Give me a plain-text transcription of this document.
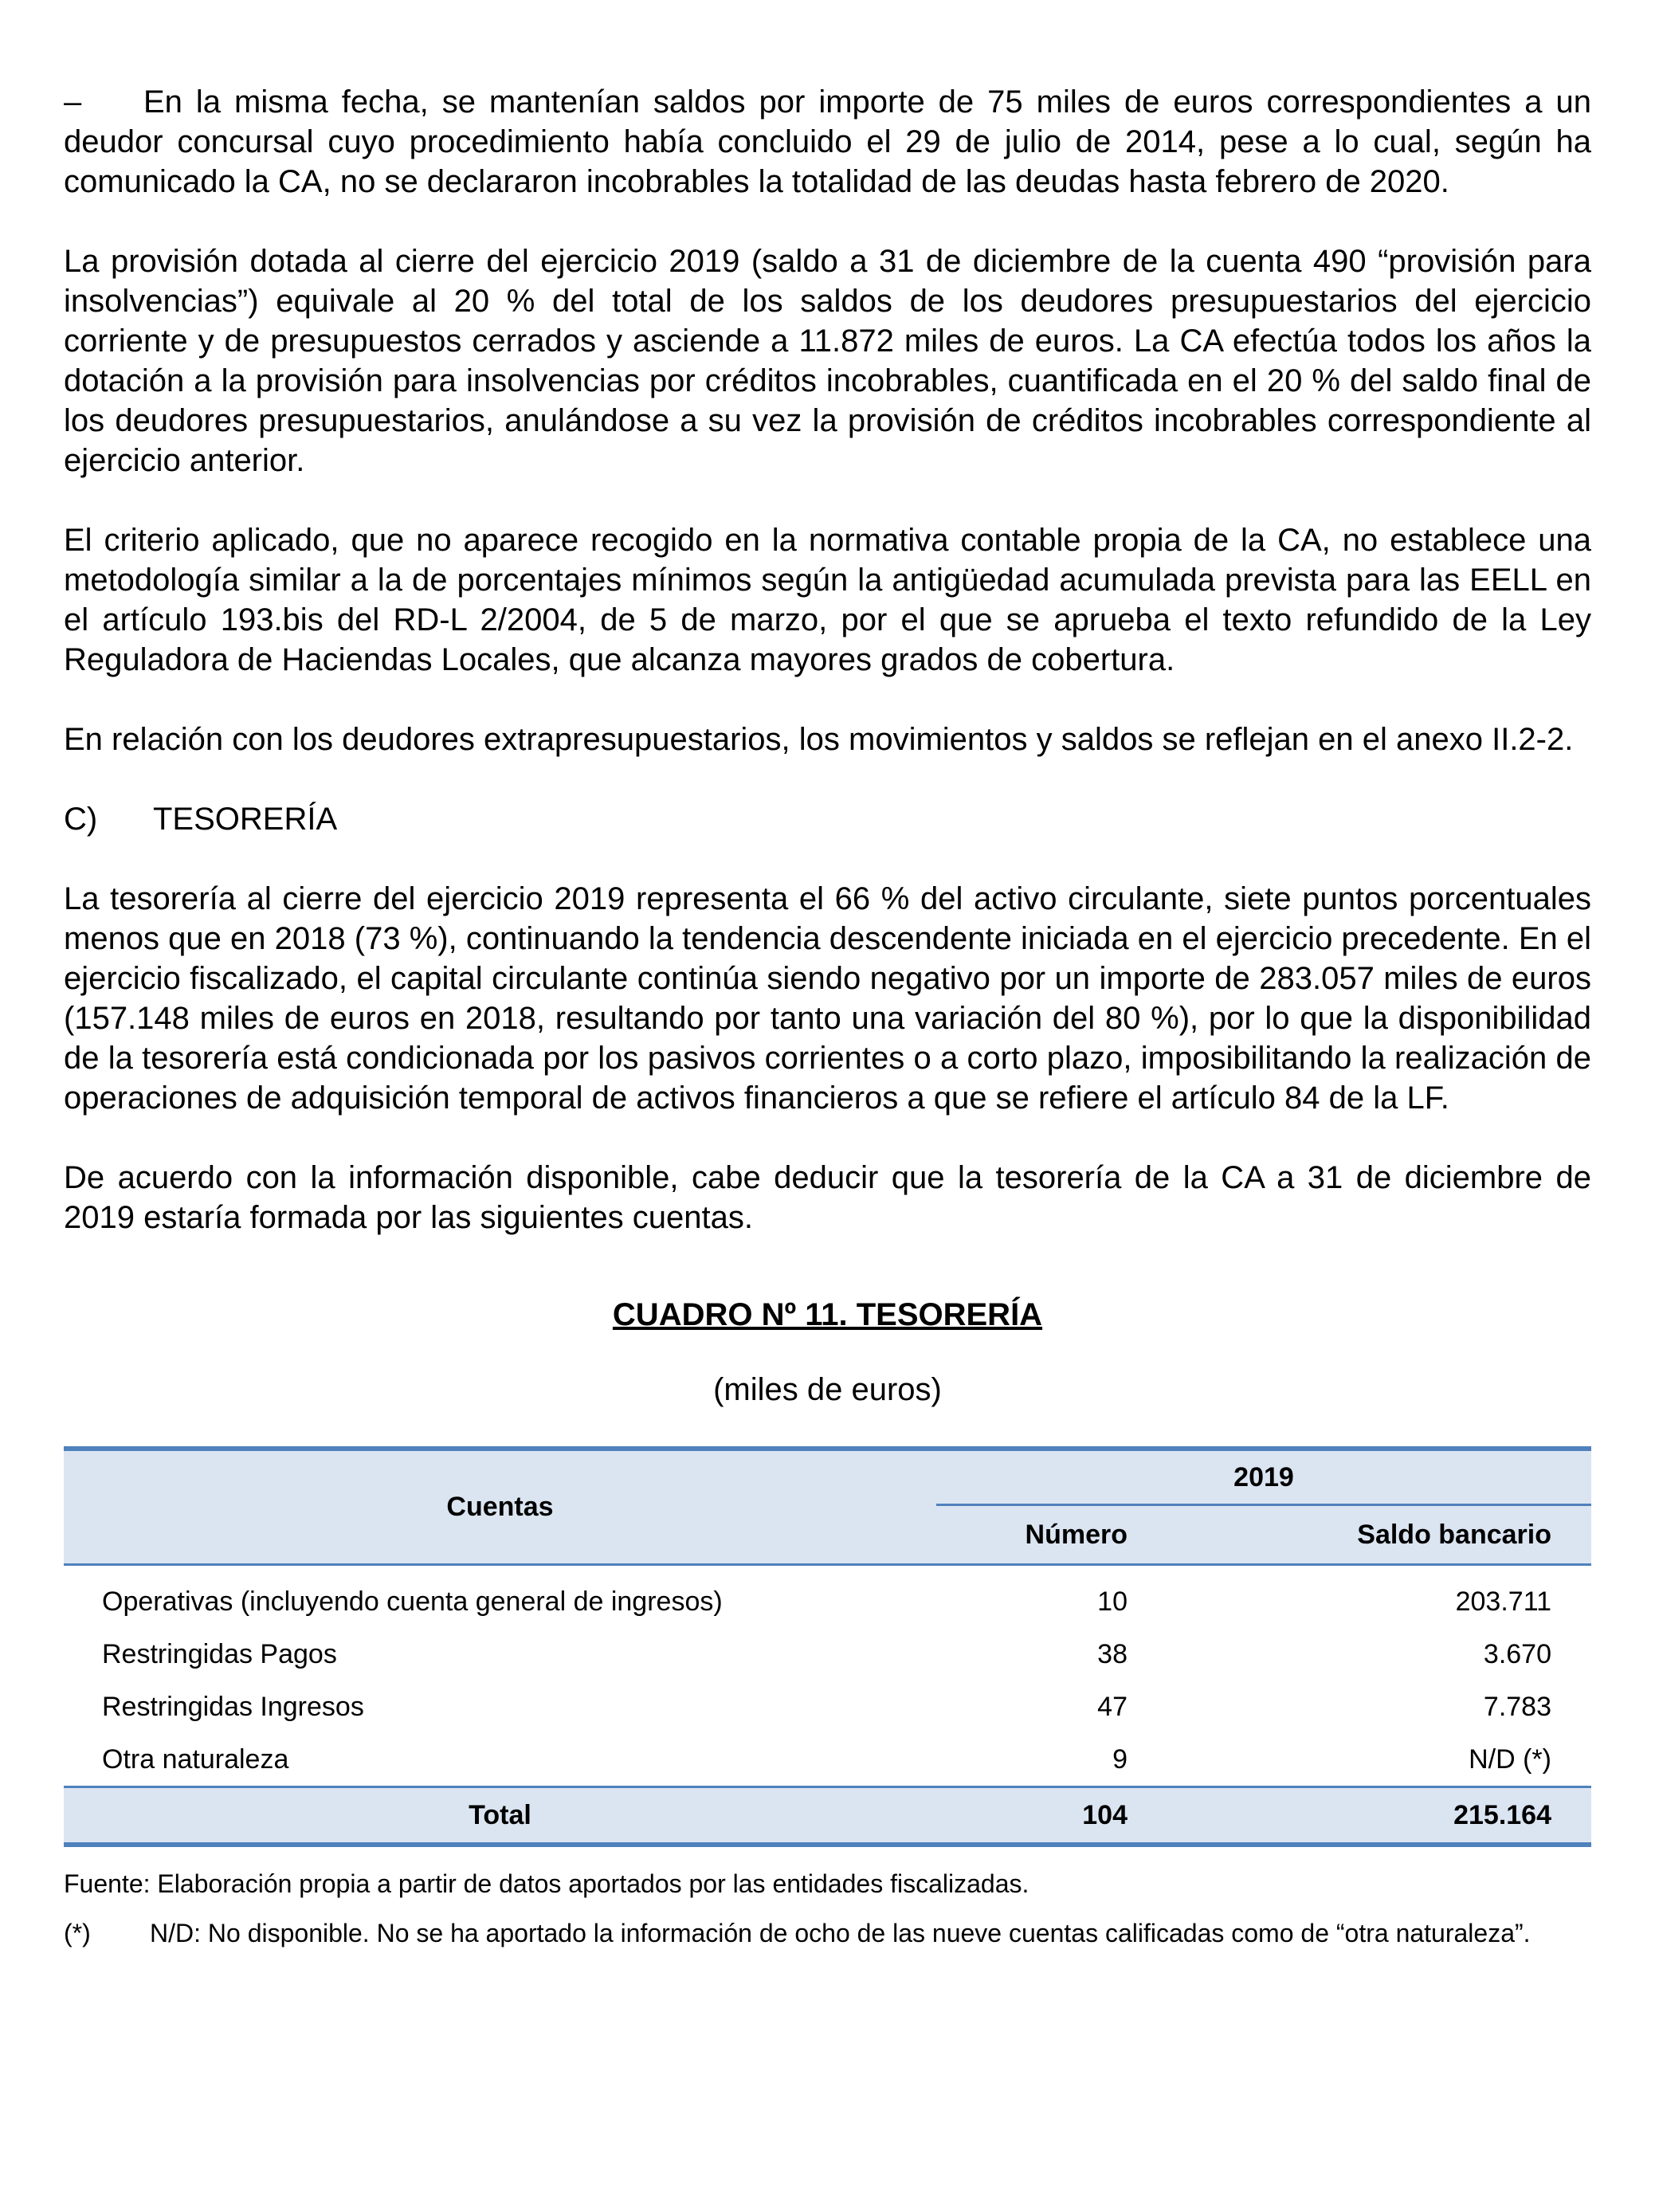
– En la misma fecha, se mantenían saldos por importe de 75 miles de euros correspondientes a un deudor concursal cuyo procedimiento había concluido el 29 de julio de 2014, pese a lo cual, según ha comunicado la CA, no se declararon incobrables la totalidad de las deudas hasta febrero de 2020.

La provisión dotada al cierre del ejercicio 2019 (saldo a 31 de diciembre de la cuenta 490 “provisión para insolvencias”) equivale al 20 % del total de los saldos de los deudores presupuestarios del ejercicio corriente y de presupuestos cerrados y asciende a 11.872 miles de euros. La CA efectúa todos los años la dotación a la provisión para insolvencias por créditos incobrables, cuantificada en el 20 % del saldo final de los deudores presupuestarios, anulándose a su vez la provisión de créditos incobrables correspondiente al ejercicio anterior.

El criterio aplicado, que no aparece recogido en la normativa contable propia de la CA, no establece una metodología similar a la de porcentajes mínimos según la antigüedad acumulada prevista para las EELL en el artículo 193.bis del RD-L 2/2004, de 5 de marzo, por el que se aprueba el texto refundido de la Ley Reguladora de Haciendas Locales, que alcanza mayores grados de cobertura.

En relación con los deudores extrapresupuestarios, los movimientos y saldos se reflejan en el anexo II.2-2.

C) TESORERÍA

La tesorería al cierre del ejercicio 2019 representa el 66 % del activo circulante, siete puntos porcentuales menos que en 2018 (73 %), continuando la tendencia descendente iniciada en el ejercicio precedente. En el ejercicio fiscalizado, el capital circulante continúa siendo negativo por un importe de 283.057 miles de euros (157.148 miles de euros en 2018, resultando por tanto una variación del 80 %), por lo que la disponibilidad de la tesorería está condicionada por los pasivos corrientes o a corto plazo, imposibilitando la realización de operaciones de adquisición temporal de activos financieros a que se refiere el artículo 84 de la LF.

De acuerdo con la información disponible, cabe deducir que la tesorería de la CA a 31 de diciembre de 2019 estaría formada por las siguientes cuentas.

CUADRO Nº 11. TESORERÍA
(miles de euros)
Cuentas	2019	
	Número	Saldo bancario
Operativas (incluyendo cuenta general de ingresos)	10	203.711
Restringidas Pagos	38	3.670
Restringidas Ingresos	47	7.783
Otra naturaleza	9	N/D (*)
Total	104	215.164

Fuente: Elaboración propia a partir de datos aportados por las entidades fiscalizadas.

(*) N/D: No disponible. No se ha aportado la información de ocho de las nueve cuentas calificadas como de “otra naturaleza”.
